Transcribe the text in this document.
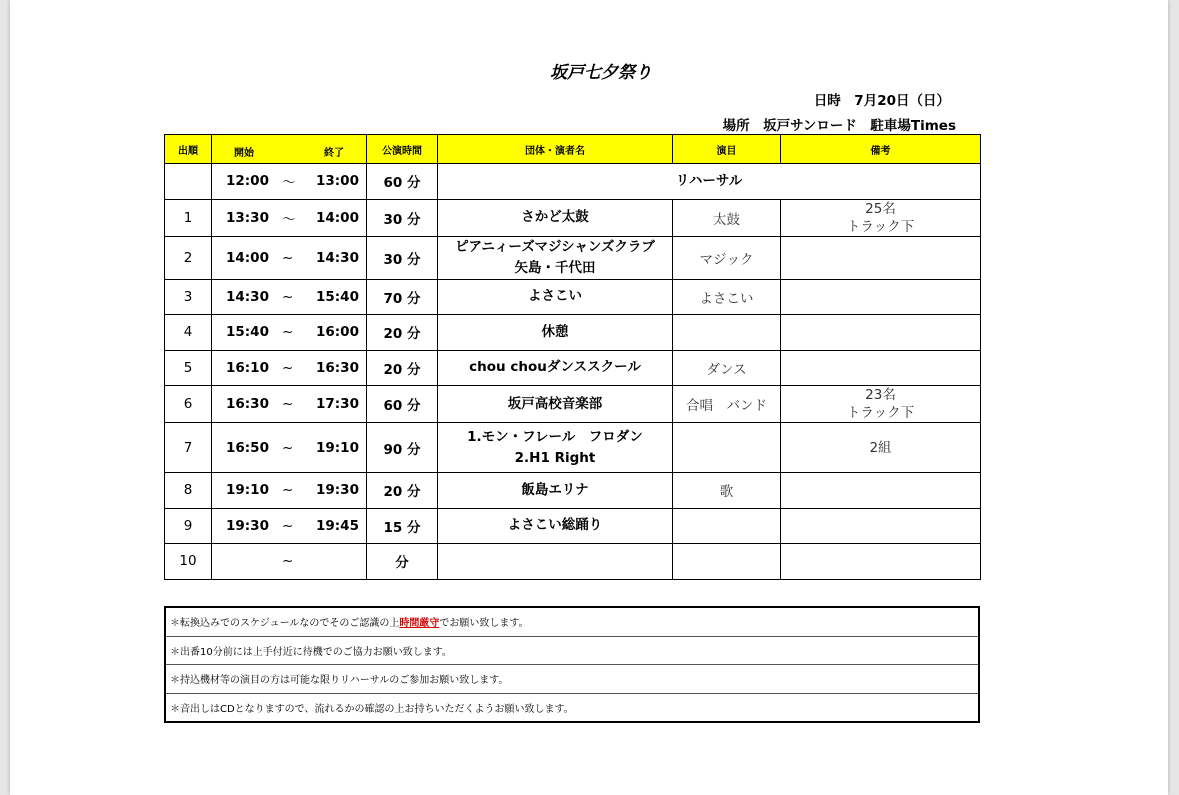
坂戸七夕祭り
日時　7月20日（日）
場所　坂戸サンロード　駐車場Times
出順	開始 終了	公演時間	団体・演者名	演目	備考

	12:00 〜 13:00	60 分	リハーサル		
1	13:30 〜 14:00	30 分	さかど太鼓	太鼓	25名
トラック下
2	14:00 ~ 14:30	30 分	ピアニィーズマジシャンズクラブ
矢島・千代田	マジック	
3	14:30 ~ 15:40	70 分	よさこい	よさこい	
4	15:40 ~ 16:00	20 分	休憩		
5	16:10 ~ 16:30	20 分	chou chouダンススクール	ダンス	
6	16:30 ~ 17:30	60 分	坂戸高校音楽部	合唱　バンド	23名
トラック下
7	16:50 ~ 19:10	90 分	1.モン・フレール　フロダン
2.H1 Right		2組
8	19:10 ~ 19:30	20 分	飯島エリナ	歌	
9	19:30 ~ 19:45	15 分	よさこい総踊り		
10	~	分			
＊転換込みでのスケジュールなのでそのご認識の上時間厳守でお願い致します。
＊出番10分前には上手付近に待機でのご協力お願い致します。
＊持込機材等の演目の方は可能な限りリハーサルのご参加お願い致します。
＊音出しはCDとなりますので、流れるかの確認の上お持ちいただくようお願い致します。
